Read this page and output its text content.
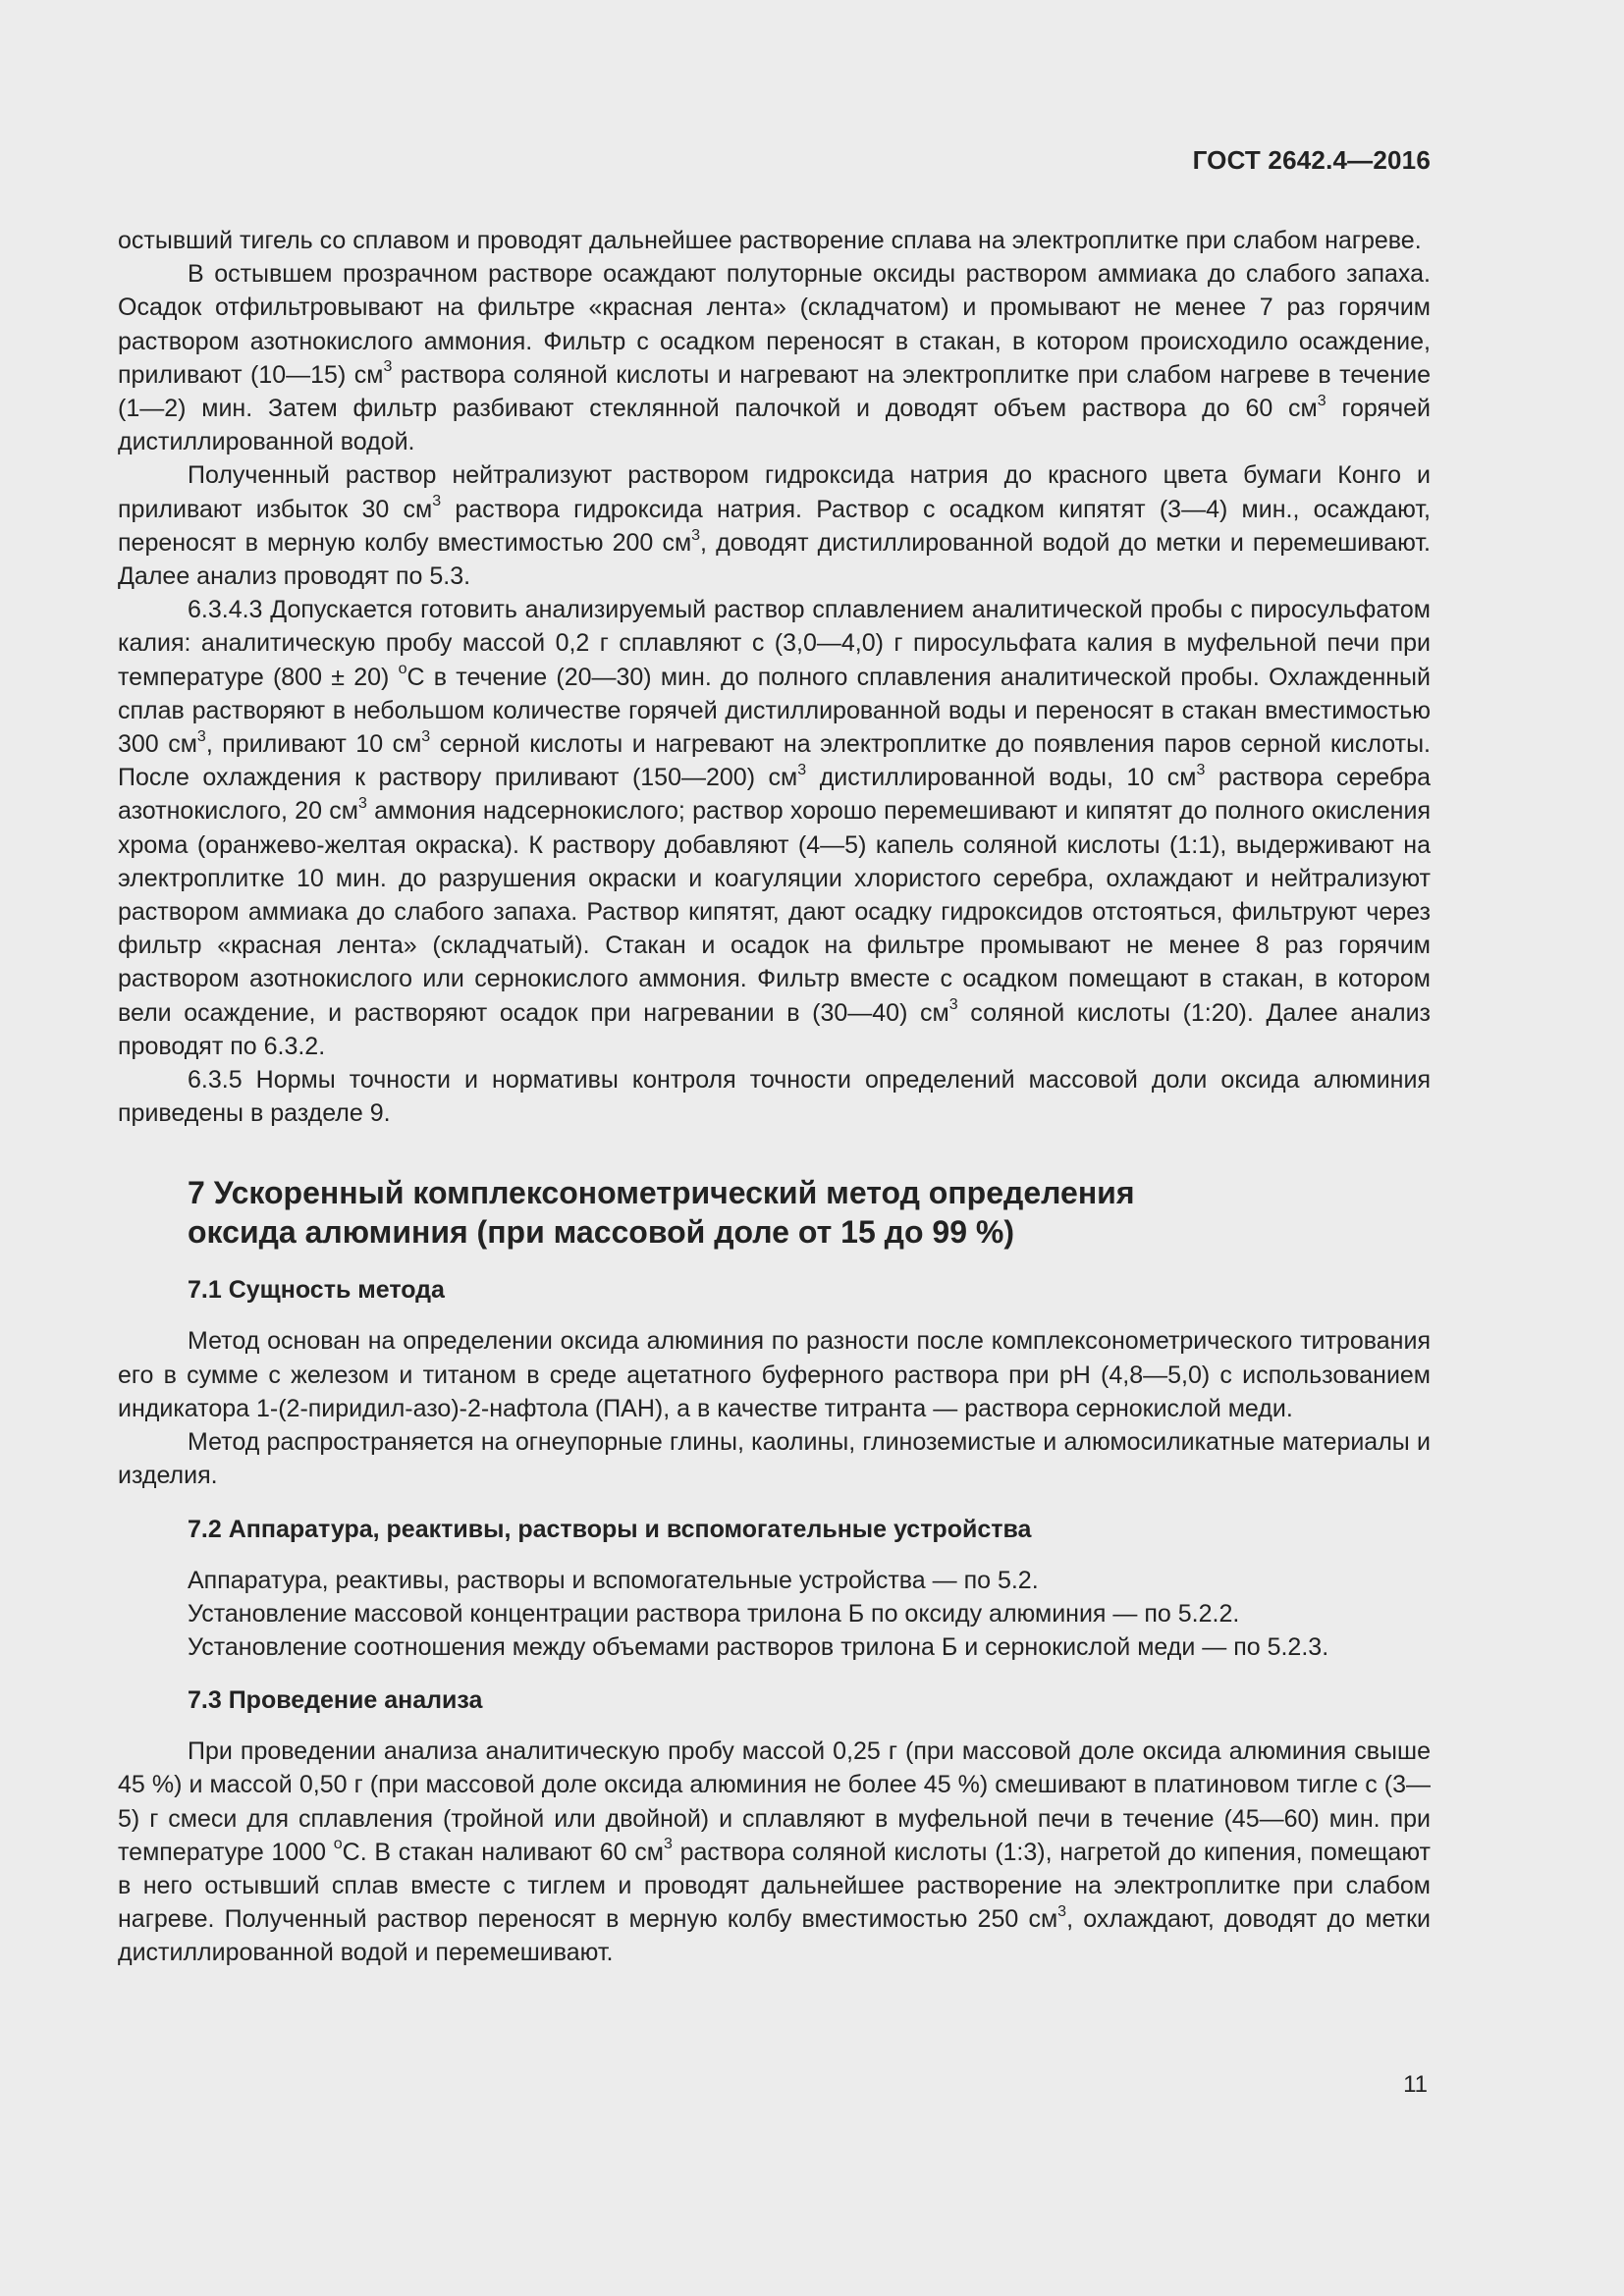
ГОСТ 2642.4—2016

остывший тигель со сплавом и проводят дальнейшее растворение сплава на электроплитке при слабом нагреве.

В остывшем прозрачном растворе осаждают полуторные оксиды раствором аммиака до слабого запаха. Осадок отфильтровывают на фильтре «красная лента» (складчатом) и промывают не менее 7 раз горячим раствором азотнокислого аммония. Фильтр с осадком переносят в стакан, в котором происходило осаждение, приливают (10—15) $см^3$ раствора соляной кислоты и нагревают на электроплитке при слабом нагреве в течение (1—2) мин. Затем фильтр разбивают стеклянной палочкой и доводят объем раствора до 60 $см^3$ горячей дистиллированной водой.

Полученный раствор нейтрализуют раствором гидроксида натрия до красного цвета бумаги Конго и приливают избыток 30 $см^3$ раствора гидроксида натрия. Раствор с осадком кипятят (3—4) мин., осаждают, переносят в мерную колбу вместимостью 200 $см^3$, доводят дистиллированной водой до метки и перемешивают. Далее анализ проводят по 5.3.

6.3.4.3 Допускается готовить анализируемый раствор сплавлением аналитической пробы с пиросульфатом калия: аналитическую пробу массой 0,2 г сплавляют с (3,0—4,0) г пиросульфата калия в муфельной печи при температуре (800 ± 20) $^о$С в течение (20—30) мин. до полного сплавления аналитической пробы. Охлажденный сплав растворяют в небольшом количестве горячей дистиллированной воды и переносят в стакан вместимостью 300 $см^3$, приливают 10 $см^3$ серной кислоты и нагревают на электроплитке до появления паров серной кислоты. После охлаждения к раствору приливают (150—200) $см^3$ дистиллированной воды, 10 $см^3$ раствора серебра азотнокислого, 20 $см^3$ аммония надсернокислого; раствор хорошо перемешивают и кипятят до полного окисления хрома (оранжево-желтая окраска). К раствору добавляют (4—5) капель соляной кислоты (1:1), выдерживают на электроплитке 10 мин. до разрушения окраски и коагуляции хлористого серебра, охлаждают и нейтрализуют раствором аммиака до слабого запаха. Раствор кипятят, дают осадку гидроксидов отстояться, фильтруют через фильтр «красная лента» (складчатый). Стакан и осадок на фильтре промывают не менее 8 раз горячим раствором азотнокислого или сернокислого аммония. Фильтр вместе с осадком помещают в стакан, в котором вели осаждение, и растворяют осадок при нагревании в (30—40) $см^3$ соляной кислоты (1:20). Далее анализ проводят по 6.3.2.

6.3.5 Нормы точности и нормативы контроля точности определений массовой доли оксида алюминия приведены в разделе 9.

7 Ускоренный комплексонометрический метод определения
оксида алюминия (при массовой доле от 15 до 99 %)
7.1 Сущность метода

Метод основан на определении оксида алюминия по разности после комплексонометрического титрования его в сумме с железом и титаном в среде ацетатного буферного раствора при рН (4,8—5,0) с использованием индикатора 1-(2-пиридил-азо)-2-нафтола (ПАН), а в качестве титранта — раствора сернокислой меди.

Метод распространяется на огнеупорные глины, каолины, глиноземистые и алюмосиликатные материалы и изделия.

7.2 Аппаратура, реактивы, растворы и вспомогательные устройства

Аппаратура, реактивы, растворы и вспомогательные устройства — по 5.2.

Установление массовой концентрации раствора трилона Б по оксиду алюминия — по 5.2.2.

Установление соотношения между объемами растворов трилона Б и сернокислой меди — по 5.2.3.

7.3 Проведение анализа

При проведении анализа аналитическую пробу массой 0,25 г (при массовой доле оксида алюминия свыше 45 %) и массой 0,50 г (при массовой доле оксида алюминия не более 45 %) смешивают в платиновом тигле с (3—5) г смеси для сплавления (тройной или двойной) и сплавляют в муфельной печи в течение (45—60) мин. при температуре 1000 $^о$С. В стакан наливают 60 $см^3$ раствора соляной кислоты (1:3), нагретой до кипения, помещают в него остывший сплав вместе с тиглем и проводят дальнейшее растворение на электроплитке при слабом нагреве. Полученный раствор переносят в мерную колбу вместимостью 250 $см^3$, охлаждают, доводят до метки дистиллированной водой и перемешивают.

11
